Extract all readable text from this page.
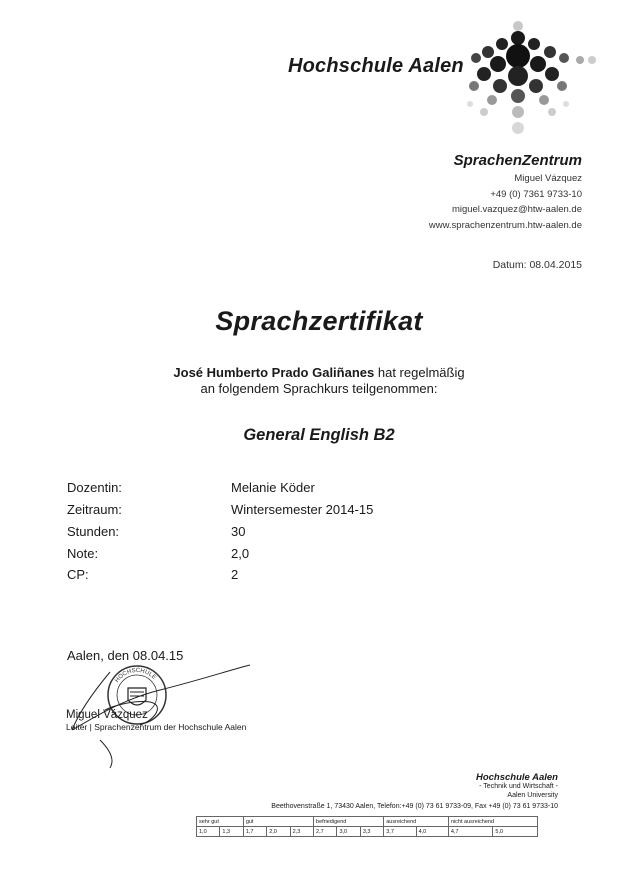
Hochschule Aalen
SprachenZentrum
Miguel Vázquez
+49 (0) 7361 9733-10
miguel.vazquez@htw-aalen.de
www.sprachenzentrum.htw-aalen.de
Datum: 08.04.2015
Sprachzertifikat
José Humberto Prado Galiñanes hat regelmäßig
an folgendem Sprachkurs teilgenommen:
General English B2
Dozentin:	Melanie Köder
Zeitraum:	Wintersemester 2014-15
Stunden:	30
Note:	2,0
CP:	2
Aalen, den 08.04.15
HOCHSCHULE
Miguel Vázquez
Leiter | Sprachenzentrum der Hochschule Aalen
Hochschule Aalen
- Technik und Wirtschaft -
Aalen University
Beethovenstraße 1, 73430 Aalen, Telefon:+49 (0) 73 61 9733-09, Fax +49 (0) 73 61 9733-10
sehr gut		gut			befriedigend			ausreichend		nicht ausreichend	
1,0	1,3	1,7	2,0	2,3	2,7	3,0	3,3	3,7	4,0	4,7	5,0
